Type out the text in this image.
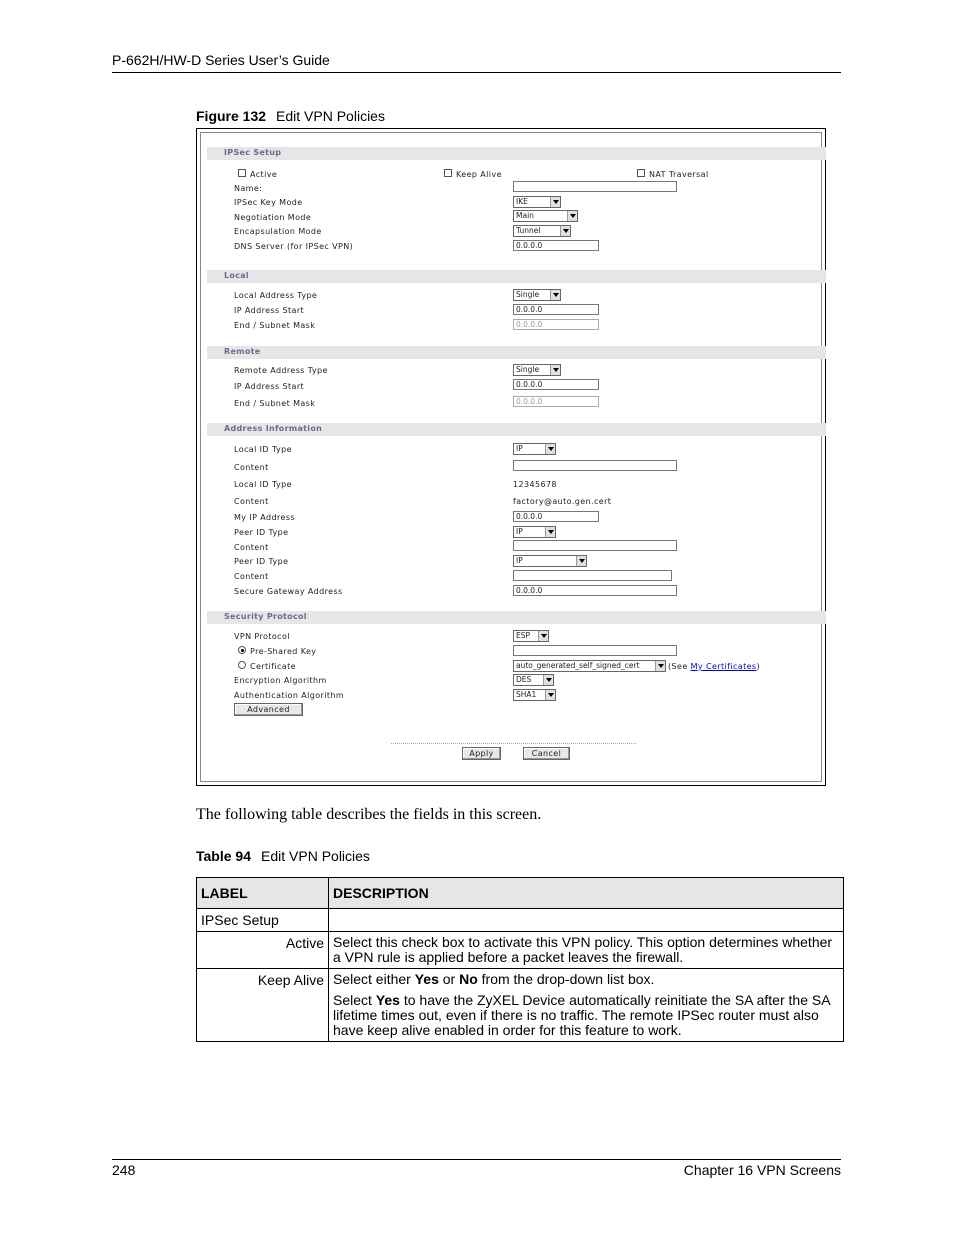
P-662H/HW-D Series User’s Guide
Figure 132 Edit VPN Policies
IPSec Setup
Active	Keep Alive	NAT Traversal
Name:
IPSec Key Mode	IKE
Negotiation Mode	Main
Encapsulation Mode	Tunnel
DNS Server (for IPSec VPN)	0.0.0.0
Local
Local Address Type	Single
IP Address Start	0.0.0.0
End / Subnet Mask	0.0.0.0
Remote
Remote Address Type	Single
IP Address Start	0.0.0.0
End / Subnet Mask	0.0.0.0
Address Information
Local ID Type	IP
Content
Local ID Type	12345678
Content	factory@auto.gen.cert
My IP Address	0.0.0.0
Peer ID Type	IP
Content
Peer ID Type	IP
Content
Secure Gateway Address	0.0.0.0
Security Protocol
VPN Protocol	ESP
Pre-Shared Key
Certificate	auto_generated_self_signed_cert	(See My Certificates)
Encryption Algorithm	DES
Authentication Algorithm	SHA1
Advanced
Apply	Cancel
The following table describes the fields in this screen.
Table 94 Edit VPN Policies
LABEL	DESCRIPTION
IPSec Setup	
Active	Select this check box to activate this VPN policy. This option determines whether a VPN rule is applied before a packet leaves the firewall.

Keep Alive	Select either Yes or No from the drop-down list box.
Select Yes to have the ZyXEL Device automatically reinitiate the SA after the SA lifetime times out, even if there is no traffic. The remote IPSec router must also have keep alive enabled in order for this feature to work.
248	Chapter 16 VPN Screens
